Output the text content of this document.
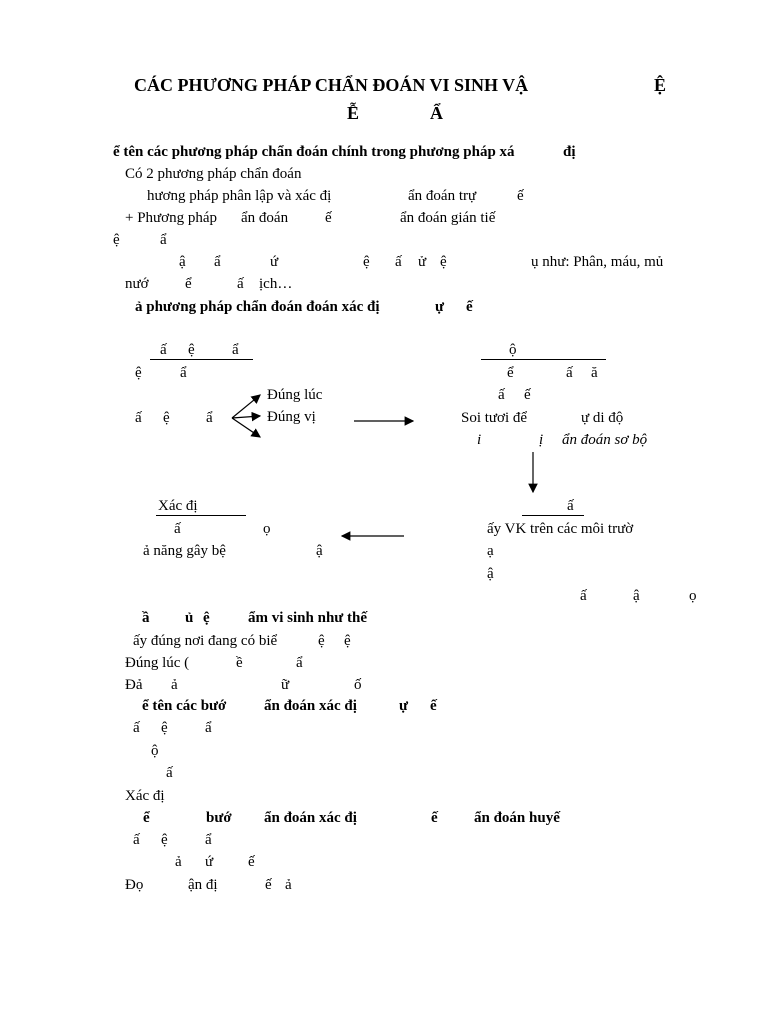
CÁC PHƯƠNG PHÁP CHẨN ĐOÁN VI SINH VẬ	Ệ
Ễ	Ẩ
ể tên các phương pháp chẩn đoán chính trong phương pháp xá	đị
Có 2 phương pháp chẩn đoán
hương pháp phân lập và xác đị	ẩn đoán trự	ế
+ Phương pháp ẩn đoán ế	ẩn đoán gián tiế
ệ	ẩ
ậ ẩ	ứ	ệ ấ ử ệ	ụ như: Phân, máu, mủ
nướ ể	ấ ịch…
ả phương pháp chẩn đoán đoán xác đị	ự ế
ấ ệ ẩ
ệ	ẩ
ấ ệ ẩ
Đúng lúc
Đúng vị
ộ
ể	ấ ă
ấ ế
Soi tươi để	ự di độ
i	ị ẩn đoán sơ bộ
ấ
ấy VK trên các môi trườ
ạ
ậ
ấ	ậ	ọ
Xác đị
ấ	ọ
ả năng gây bệ	ậ
ầ ủ ệ	ẩm vi sinh như thế
ấy đúng nơi đang có biể	ệ ệ
Đúng lúc (	ề	ẩ
Đả ả	ữ	ố
ể tên các bướ	ẩn đoán xác đị	ự ế
ấ ệ ẩ
ộ
ấ
Xác đị
ể	bướ ẩn đoán xác đị	ế ẩn đoán huyế
ấ ệ ẩ
ả ứ ế
Đọ	ận đị	ế ả
